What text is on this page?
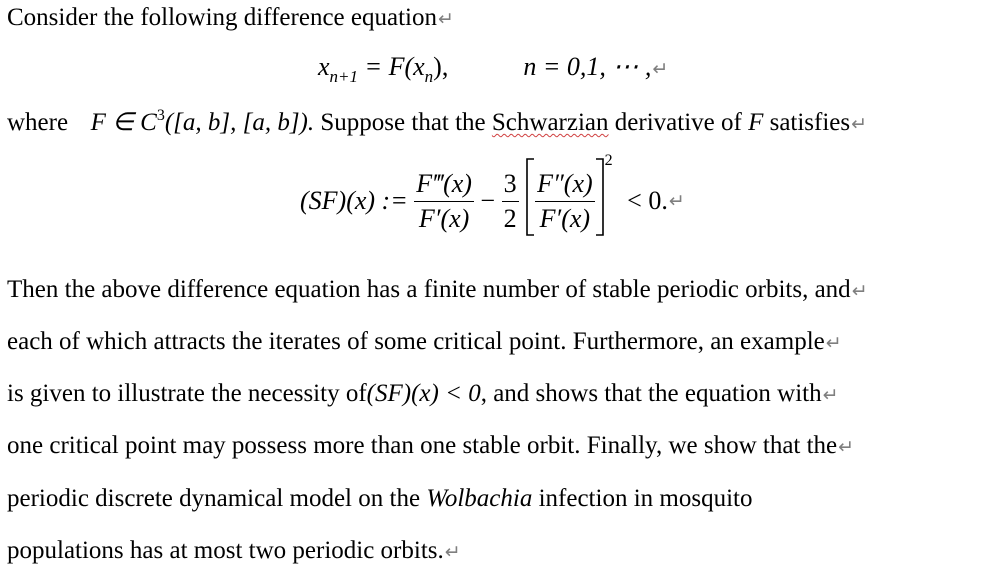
Consider the following difference equation↵
$x_{n+1} = F(x_n)$,	n = 0,1, ⋯ ,↵
where F ∈ $C^3([a$, b], [a, b]). Suppose that the Schwarzian derivative of F satisfies↵
(SF)(x) := $\frac{F‴(x)}{F'(x)} - \frac{3}{2}$
$\frac{F''(x)}{F'(x)}$
$^2$ < 0.↵
Then the above difference equation has a finite number of stable periodic orbits, and↵
each of which attracts the iterates of some critical point. Furthermore, an example↵
is given to illustrate the necessity of(SF)(x) < 0, and shows that the equation with↵
one critical point may possess more than one stable orbit. Finally, we show that the↵
periodic discrete dynamical model on the Wolbachia infection in mosquito
populations has at most two periodic orbits.↵
